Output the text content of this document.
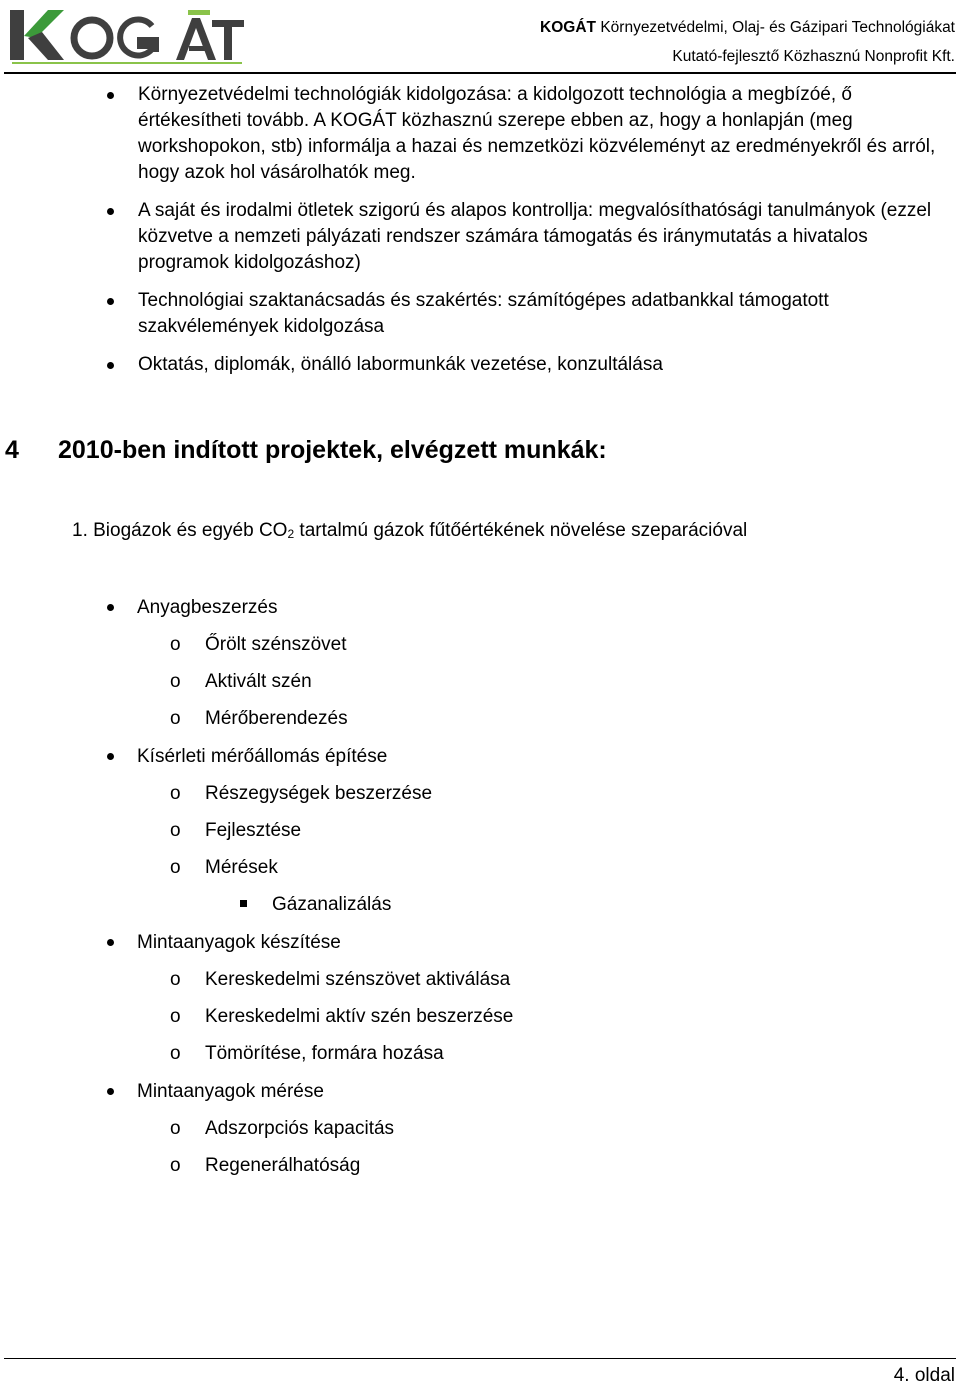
KOGÁT Környezetvédelmi, Olaj- és Gázipari Technológiákat
Kutató-fejlesztő Közhasznú Nonprofit Kft.
Környezetvédelmi technológiák kidolgozása: a kidolgozott technológia a megbízóé, ő értékesítheti tovább. A KOGÁT közhasznú szerepe ebben az, hogy a honlapján (meg workshopokon, stb) informálja a hazai és nemzetközi közvéleményt az eredményekről és arról, hogy azok hol vásárolhatók meg.
A saját és irodalmi ötletek szigorú és alapos kontrollja: megvalósíthatósági tanulmányok (ezzel közvetve a nemzeti pályázati rendszer számára támogatás és iránymutatás a hivatalos programok kidolgozáshoz)
Technológiai szaktanácsadás és szakértés: számítógépes adatbankkal támogatott szakvélemények kidolgozása
Oktatás, diplomák, önálló labormunkák vezetése, konzultálása
4 2010-ben indított projektek, elvégzett munkák:
1. Biogázok és egyéb $CO_2$ tartalmú gázok fűtőértékének növelése szeparációval
Anyagbeszerzés
o Őrölt szénszövet
o Aktivált szén
o Mérőberendezés
Kísérleti mérőállomás építése
o Részegységek beszerzése
o Fejlesztése
o Mérések
Gázanalizálás
Mintaanyagok készítése
o Kereskedelmi szénszövet aktiválása
o Kereskedelmi aktív szén beszerzése
o Tömörítése, formára hozása
Mintaanyagok mérése
o Adszorpciós kapacitás
o Regenerálhatóság
4. oldal
